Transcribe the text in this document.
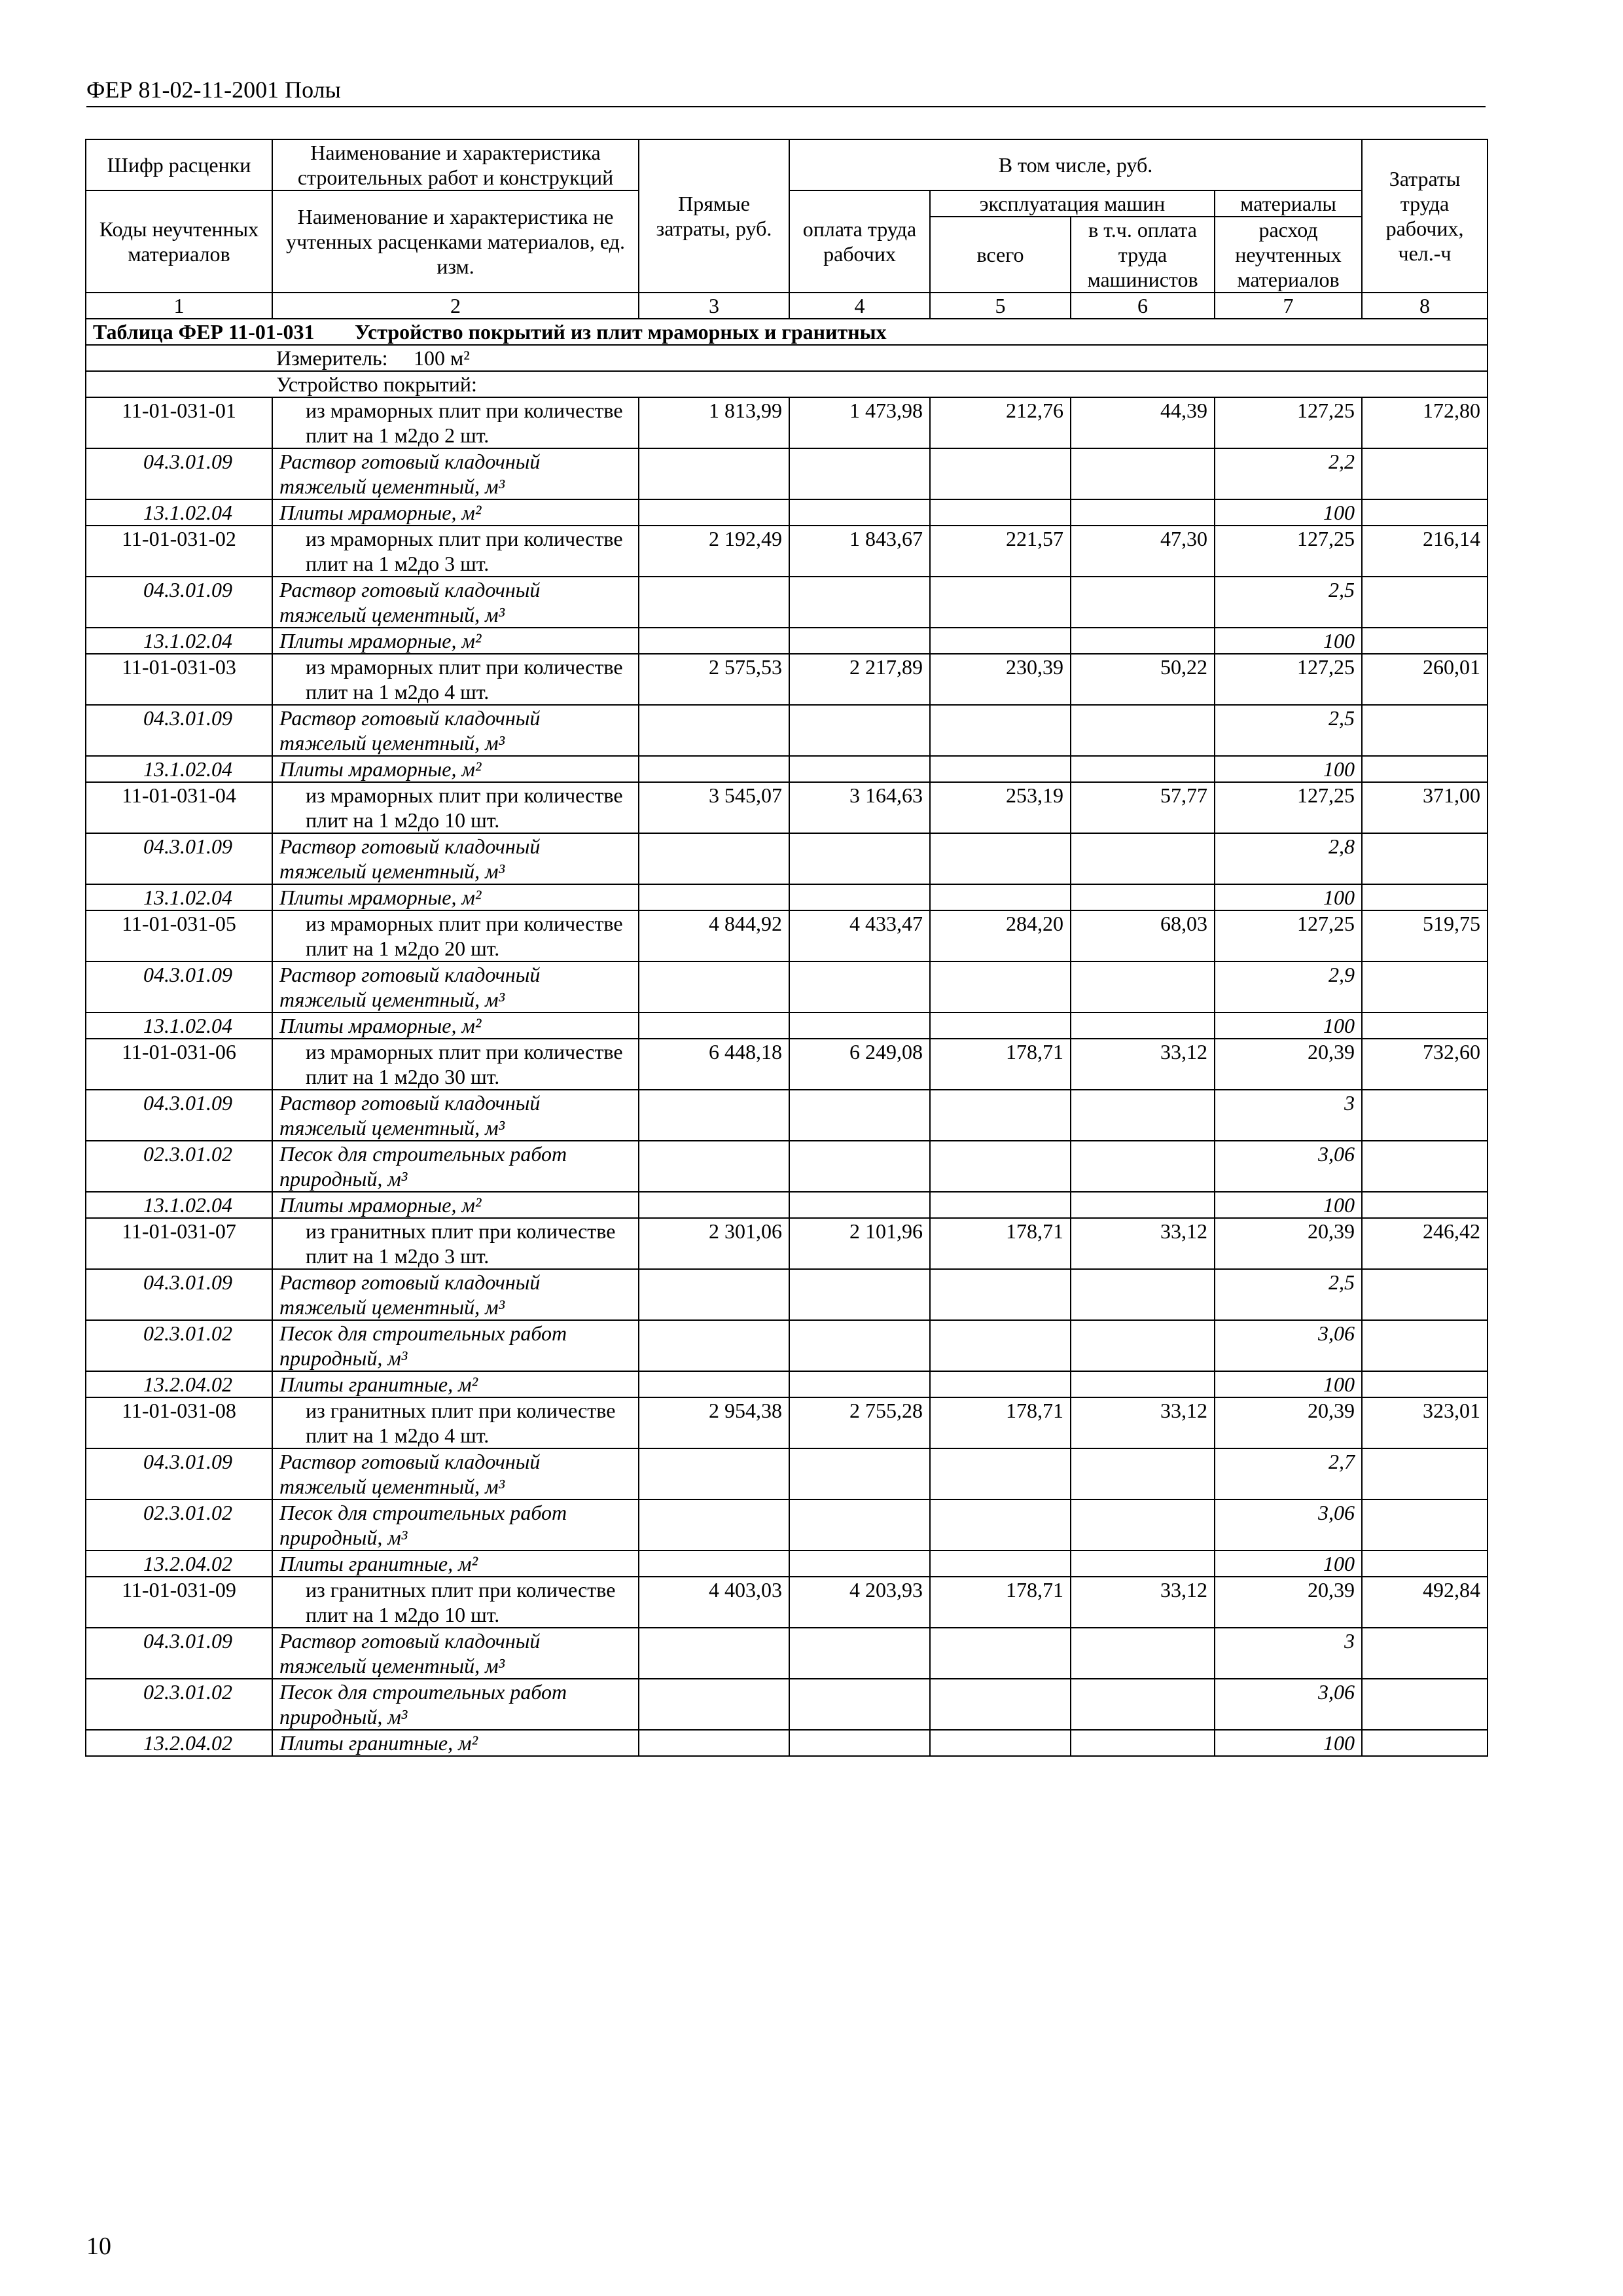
ФЕР 81-02-11-2001 Полы
Шифр расценки	Наименование и характеристика строительных работ и конструкций	Прямые затраты, руб.	В том числе, руб.				Затраты труда рабочих, чел.-ч
Коды неучтенных материалов	Наименование и характеристика не учтенных расценками материалов, ед. изм.		оплата труда рабочих	эксплуатация машин		материалы	
				всего	в т.ч. оплата труда машинистов	расход неучтенных материалов	
1	2	3	4	5	6	7	8
Таблица ФЕР 11-01-031 Устройство покрытий из плит мраморных и гранитных							
Измеритель: 100 м²							
Устройство покрытий:							
11-01-031-01	из мраморных плит при количестве плит на 1 м2до 2 шт.	1 813,99	1 473,98	212,76	44,39	127,25	172,80
04.3.01.09	Раствор готовый кладочный тяжелый цементный, м³					2,2	
13.1.02.04	Плиты мраморные, м²					100	
11-01-031-02	из мраморных плит при количестве плит на 1 м2до 3 шт.	2 192,49	1 843,67	221,57	47,30	127,25	216,14
04.3.01.09	Раствор готовый кладочный тяжелый цементный, м³					2,5	
13.1.02.04	Плиты мраморные, м²					100	
11-01-031-03	из мраморных плит при количестве плит на 1 м2до 4 шт.	2 575,53	2 217,89	230,39	50,22	127,25	260,01
04.3.01.09	Раствор готовый кладочный тяжелый цементный, м³					2,5	
13.1.02.04	Плиты мраморные, м²					100	
11-01-031-04	из мраморных плит при количестве плит на 1 м2до 10 шт.	3 545,07	3 164,63	253,19	57,77	127,25	371,00
04.3.01.09	Раствор готовый кладочный тяжелый цементный, м³					2,8	
13.1.02.04	Плиты мраморные, м²					100	
11-01-031-05	из мраморных плит при количестве плит на 1 м2до 20 шт.	4 844,92	4 433,47	284,20	68,03	127,25	519,75
04.3.01.09	Раствор готовый кладочный тяжелый цементный, м³					2,9	
13.1.02.04	Плиты мраморные, м²					100	
11-01-031-06	из мраморных плит при количестве плит на 1 м2до 30 шт.	6 448,18	6 249,08	178,71	33,12	20,39	732,60
04.3.01.09	Раствор готовый кладочный тяжелый цементный, м³					3	
02.3.01.02	Песок для строительных работ природный, м³					3,06	
13.1.02.04	Плиты мраморные, м²					100	
11-01-031-07	из гранитных плит при количестве плит на 1 м2до 3 шт.	2 301,06	2 101,96	178,71	33,12	20,39	246,42
04.3.01.09	Раствор готовый кладочный тяжелый цементный, м³					2,5	
02.3.01.02	Песок для строительных работ природный, м³					3,06	
13.2.04.02	Плиты гранитные, м²					100	
11-01-031-08	из гранитных плит при количестве плит на 1 м2до 4 шт.	2 954,38	2 755,28	178,71	33,12	20,39	323,01
04.3.01.09	Раствор готовый кладочный тяжелый цементный, м³					2,7	
02.3.01.02	Песок для строительных работ природный, м³					3,06	
13.2.04.02	Плиты гранитные, м²					100	
11-01-031-09	из гранитных плит при количестве плит на 1 м2до 10 шт.	4 403,03	4 203,93	178,71	33,12	20,39	492,84
04.3.01.09	Раствор готовый кладочный тяжелый цементный, м³					3	
02.3.01.02	Песок для строительных работ природный, м³					3,06	
13.2.04.02	Плиты гранитные, м²					100	
10
